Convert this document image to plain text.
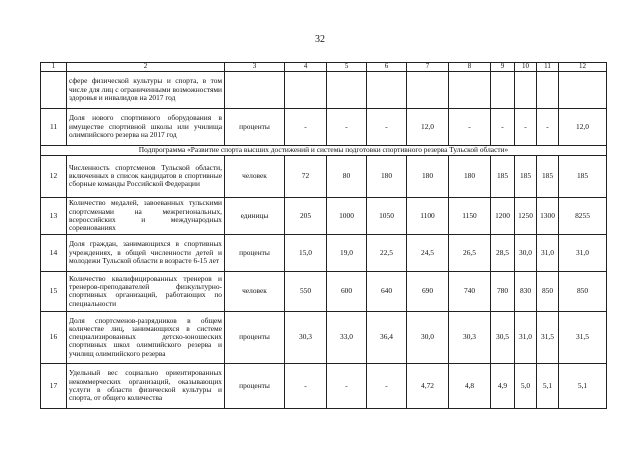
32
1	2	3	4	5	6	7	8	9	10	11	12
	сфере физической культуры и спорта, в том числе для лиц с ограниченными возможностями здоровья и инвалидов на 2017 год										
11	Доля нового спортивного оборудования в имуществе спортивной школы или училища олимпийского резерва на 2017 год	проценты	-	-	-	12,0	-	-	-	-	12,0
Подпрограмма «Развитие спорта высших достижений и системы подготовки спортивного резерва Тульской области»											
12	Численность спортсменов Тульской области, включенных в список кандидатов в спортивные сборные команды Российской Федерации	человек	72	80	180	180	180	185	185	185	185
13	Количество медалей, завоеванных тульскими спортсменами на межрегиональных, всероссийских и международных соревнованиях	единицы	205	1000	1050	1100	1150	1200	1250	1300	8255
14	Доля граждан, занимающихся в спортивных учреждениях, в общей численности детей и молодежи Тульской области в возрасте 6-15 лет	проценты	15,0	19,0	22,5	24,5	26,5	28,5	30,0	31,0	31,0
15	Количество квалифицированных тренеров и тренеров-преподавателей физкультурно-спортивных организаций, работающих по специальности	человек	550	600	640	690	740	780	830	850	850
16	Доля спортсменов-разрядников в общем количестве лиц, занимающихся в системе специализированных детско-юношеских спортивных школ олимпийского резерва и училищ олимпийского резерва	проценты	30,3	33,0	36,4	30,0	30,3	30,5	31,0	31,5	31,5
17	Удельный вес социально ориентированных некоммерческих организаций, оказывающих услуги в области физической культуры и спорта, от общего количества	проценты	-	-	-	4,72	4,8	4,9	5,0	5,1	5,1
